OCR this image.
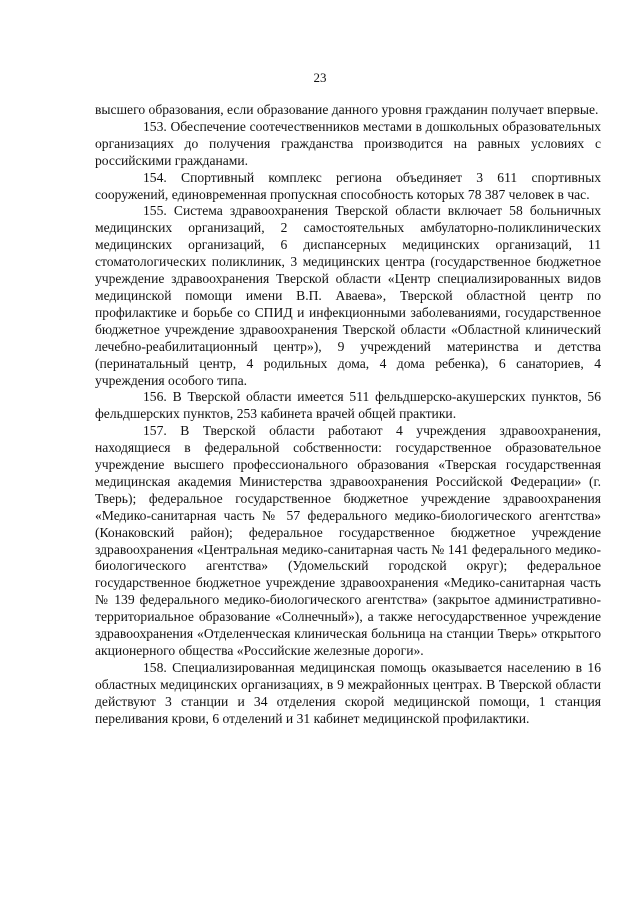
23

высшего образования, если образование данного уровня гражданин получает впервые.

153. Обеспечение соотечественников местами в дошкольных образовательных организациях до получения гражданства производится на равных условиях с российскими гражданами.

154. Спортивный комплекс региона объединяет 3 611 спортивных сооружений, единовременная пропускная способность которых 78 387 человек в час.

155. Система здравоохранения Тверской области включает 58 больничных медицинских организаций, 2 самостоятельных амбулаторно-поликлинических медицинских организаций, 6 диспансерных медицинских организаций, 11 стоматологических поликлиник, 3 медицинских центра (государственное бюджетное учреждение здравоохранения Тверской области «Центр специализированных видов медицинской помощи имени В.П. Аваева», Тверской областной центр по профилактике и борьбе со СПИД и инфекционными заболеваниями, государственное бюджетное учреждение здравоохранения Тверской области «Областной клинический лечебно-реабилитационный центр»), 9 учреждений материнства и детства (перинатальный центр, 4 родильных дома, 4 дома ребенка), 6 санаториев, 4 учреждения особого типа.

156. В Тверской области имеется 511 фельдшерско-акушерских пунктов, 56 фельдшерских пунктов, 253 кабинета врачей общей практики.

157. В Тверской области работают 4 учреждения здравоохранения, находящиеся в федеральной собственности: государственное образовательное учреждение высшего профессионального образования «Тверская государственная медицинская академия Министерства здравоохранения Российской Федерации» (г. Тверь); федеральное государственное бюджетное учреждение здравоохранения «Медико-санитарная часть № 57 федерального медико-биологического агентства» (Конаковский район); федеральное государственное бюджетное учреждение здравоохранения «Центральная медико-санитарная часть № 141 федерального медико-биологического агентства» (Удомельский городской округ); федеральное государственное бюджетное учреждение здравоохранения «Медико-санитарная часть № 139 федерального медико-биологического агентства» (закрытое административно-территориальное образование «Солнечный»), а также негосударственное учреждение здравоохранения «Отделенческая клиническая больница на станции Тверь» открытого акционерного общества «Российские железные дороги».

158. Специализированная медицинская помощь оказывается населению в 16 областных медицинских организациях, в 9 межрайонных центрах. В Тверской области действуют 3 станции и 34 отделения скорой медицинской помощи, 1 станция переливания крови, 6 отделений и 31 кабинет медицинской профилактики.
